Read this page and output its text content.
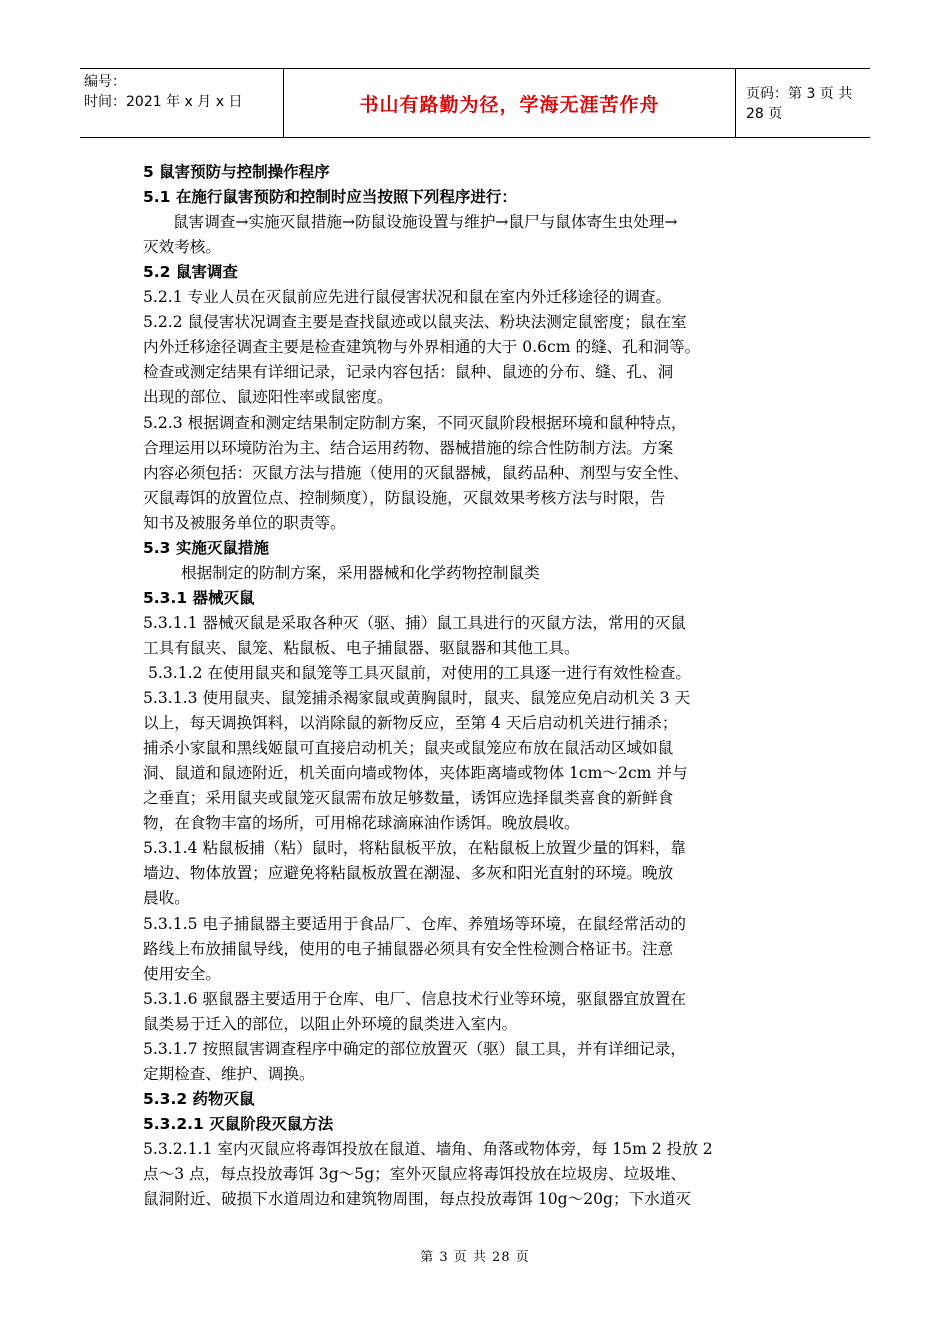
编号：
时间：2021 年 x 月 x 日	书山有路勤为径，学海无涯苦作舟	页码：第 3 页 共 28 页
5 鼠害预防与控制操作程序
5.1 在施行鼠害预防和控制时应当按照下列程序进行：
鼠害调查→实施灭鼠措施→防鼠设施设置与维护→鼠尸与鼠体寄生虫处理→
灭效考核。
5.2 鼠害调查
5.2.1 专业人员在灭鼠前应先进行鼠侵害状况和鼠在室内外迁移途径的调查。
5.2.2 鼠侵害状况调查主要是查找鼠迹或以鼠夹法、粉块法测定鼠密度；鼠在室
内外迁移途径调查主要是检查建筑物与外界相通的大于 0.6cm 的缝、孔和洞等。
检查或测定结果有详细记录，记录内容包括：鼠种、鼠迹的分布、缝、孔、洞
出现的部位、鼠迹阳性率或鼠密度。
5.2.3 根据调查和测定结果制定防制方案，不同灭鼠阶段根据环境和鼠种特点，
合理运用以环境防治为主、结合运用药物、器械措施的综合性防制方法。方案
内容必须包括：灭鼠方法与措施（使用的灭鼠器械，鼠药品种、剂型与安全性、
灭鼠毒饵的放置位点、控制频度），防鼠设施，灭鼠效果考核方法与时限，告
知书及被服务单位的职责等。
5.3 实施灭鼠措施
根据制定的防制方案，采用器械和化学药物控制鼠类
5.3.1 器械灭鼠
5.3.1.1 器械灭鼠是采取各种灭（驱、捕）鼠工具进行的灭鼠方法，常用的灭鼠
工具有鼠夹、鼠笼、粘鼠板、电子捕鼠器、驱鼠器和其他工具。
5.3.1.2 在使用鼠夹和鼠笼等工具灭鼠前，对使用的工具逐一进行有效性检查。
5.3.1.3 使用鼠夹、鼠笼捕杀褐家鼠或黄胸鼠时，鼠夹、鼠笼应免启动机关 3 天
以上，每天调换饵料，以消除鼠的新物反应，至第 4 天后启动机关进行捕杀；
捕杀小家鼠和黑线姬鼠可直接启动机关；鼠夹或鼠笼应布放在鼠活动区域如鼠
洞、鼠道和鼠迹附近，机关面向墙或物体，夹体距离墙或物体 1cm～2cm 并与
之垂直；采用鼠夹或鼠笼灭鼠需布放足够数量，诱饵应选择鼠类喜食的新鲜食
物，在食物丰富的场所，可用棉花球滴麻油作诱饵。晚放晨收。
5.3.1.4 粘鼠板捕（粘）鼠时，将粘鼠板平放，在粘鼠板上放置少量的饵料，靠
墙边、物体放置；应避免将粘鼠板放置在潮湿、多灰和阳光直射的环境。晚放
晨收。
5.3.1.5 电子捕鼠器主要适用于食品厂、仓库、养殖场等环境，在鼠经常活动的
路线上布放捕鼠导线，使用的电子捕鼠器必须具有安全性检测合格证书。注意
使用安全。
5.3.1.6 驱鼠器主要适用于仓库、电厂、信息技术行业等环境，驱鼠器宜放置在
鼠类易于迁入的部位，以阻止外环境的鼠类进入室内。
5.3.1.7 按照鼠害调查程序中确定的部位放置灭（驱）鼠工具，并有详细记录，
定期检查、维护、调换。
5.3.2 药物灭鼠
5.3.2.1 灭鼠阶段灭鼠方法
5.3.2.1.1 室内灭鼠应将毒饵投放在鼠道、墙角、角落或物体旁，每 15m 2 投放 2
点～3 点，每点投放毒饵 3g～5g；室外灭鼠应将毒饵投放在垃圾房、垃圾堆、
鼠洞附近、破损下水道周边和建筑物周围，每点投放毒饵 10g～20g；下水道灭
第 3 页 共 28 页
